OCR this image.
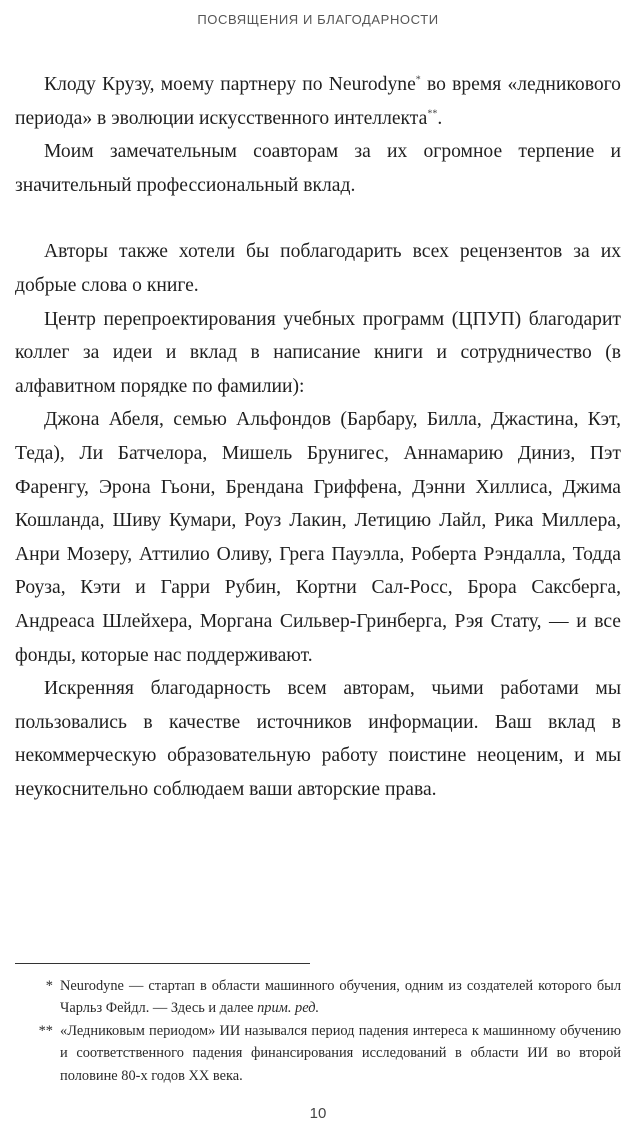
ПОСВЯЩЕНИЯ И БЛАГОДАРНОСТИ

Клоду Крузу, моему партнеру по Neurodyne* во время «ледникового периода» в эволюции искусственного интеллекта**.

Моим замечательным соавторам за их огромное терпение и значительный профессиональный вклад.

Авторы также хотели бы поблагодарить всех рецензентов за их добрые слова о книге.

Центр перепроектирования учебных программ (ЦПУП) благодарит коллег за идеи и вклад в написание книги и сотрудничество (в алфавитном порядке по фамилии):

Джона Абеля, семью Альфондов (Барбару, Билла, Джастина, Кэт, Теда), Ли Батчелора, Мишель Брунигес, Аннамарию Диниз, Пэт Фаренгу, Эрона Гьони, Брендана Гриффена, Дэнни Хиллиса, Джима Кошланда, Шиву Кумари, Роуз Лакин, Летицию Лайл, Рика Миллера, Анри Мозеру, Аттилио Оливу, Грега Пауэлла, Роберта Рэндалла, Тодда Роуза, Кэти и Гарри Рубин, Кортни Сал-Росс, Брора Саксберга, Андреаса Шлейхера, Моргана Сильвер-Гринберга, Рэя Стату, — и все фонды, которые нас поддерживают.

Искренняя благодарность всем авторам, чьими работами мы пользовались в качестве источников информации. Ваш вклад в некоммерческую образовательную работу поистине неоценим, и мы неукоснительно соблюдаем ваши авторские права.

* Neurodyne — стартап в области машинного обучения, одним из создателей которого был Чарльз Фейдл. — Здесь и далее прим. ред.
** «Ледниковым периодом» ИИ назывался период падения интереса к машинному обучению и соответственного падения финансирования исследований в области ИИ во второй половине 80-х годов XX века.
10
